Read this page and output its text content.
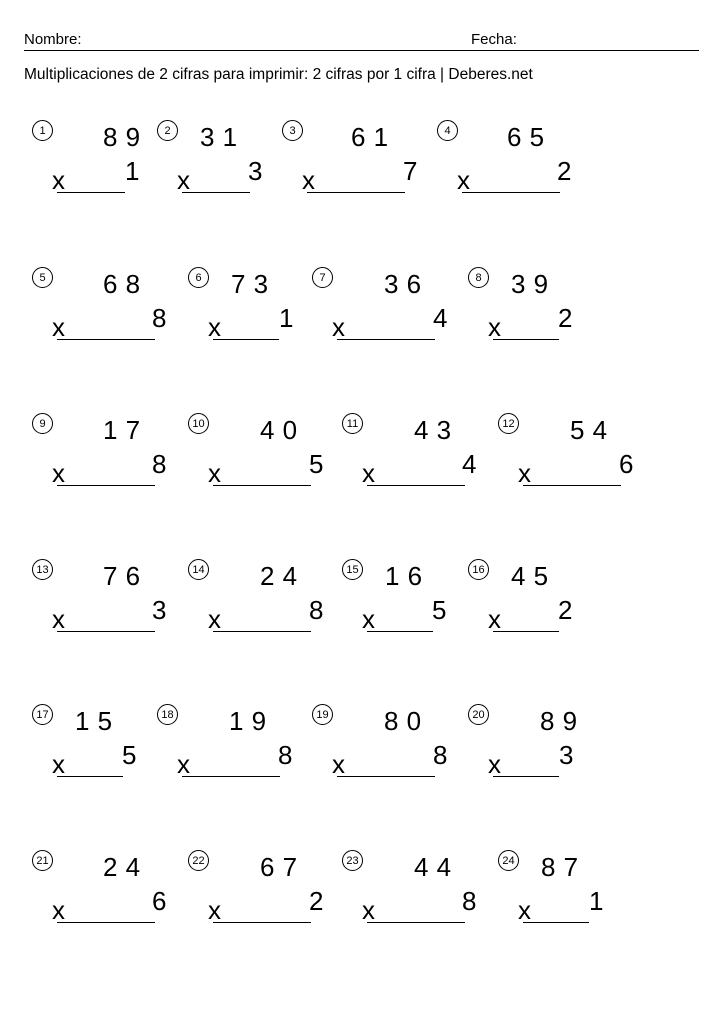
Nombre:	Fecha:
Multiplicaciones de 2 cifras para imprimir: 2 cifras por 1 cifra | Deberes.net
1 8 9
x 1
2 3 1
x 3
3 6 1
x	7
4 6 5
x	2
5 6 8
x	8
6 7 3
x 1
7 3 6
x	4
8 3 9
x 2
9 1 7
x	8
10 4 0
x	5
11 4 3
x	4
12 5 4
x	6
13 7 6
x	3
14 2 4
x	8
15 1 6
x 5
16 4 5
x 2
17 1 5
x 5
18 1 9
x	8
19 8 0
x	8
20 8 9
x 3
21 2 4
x	6
22 6 7
x	2
23 4 4
x	8
24 8 7
x 1
